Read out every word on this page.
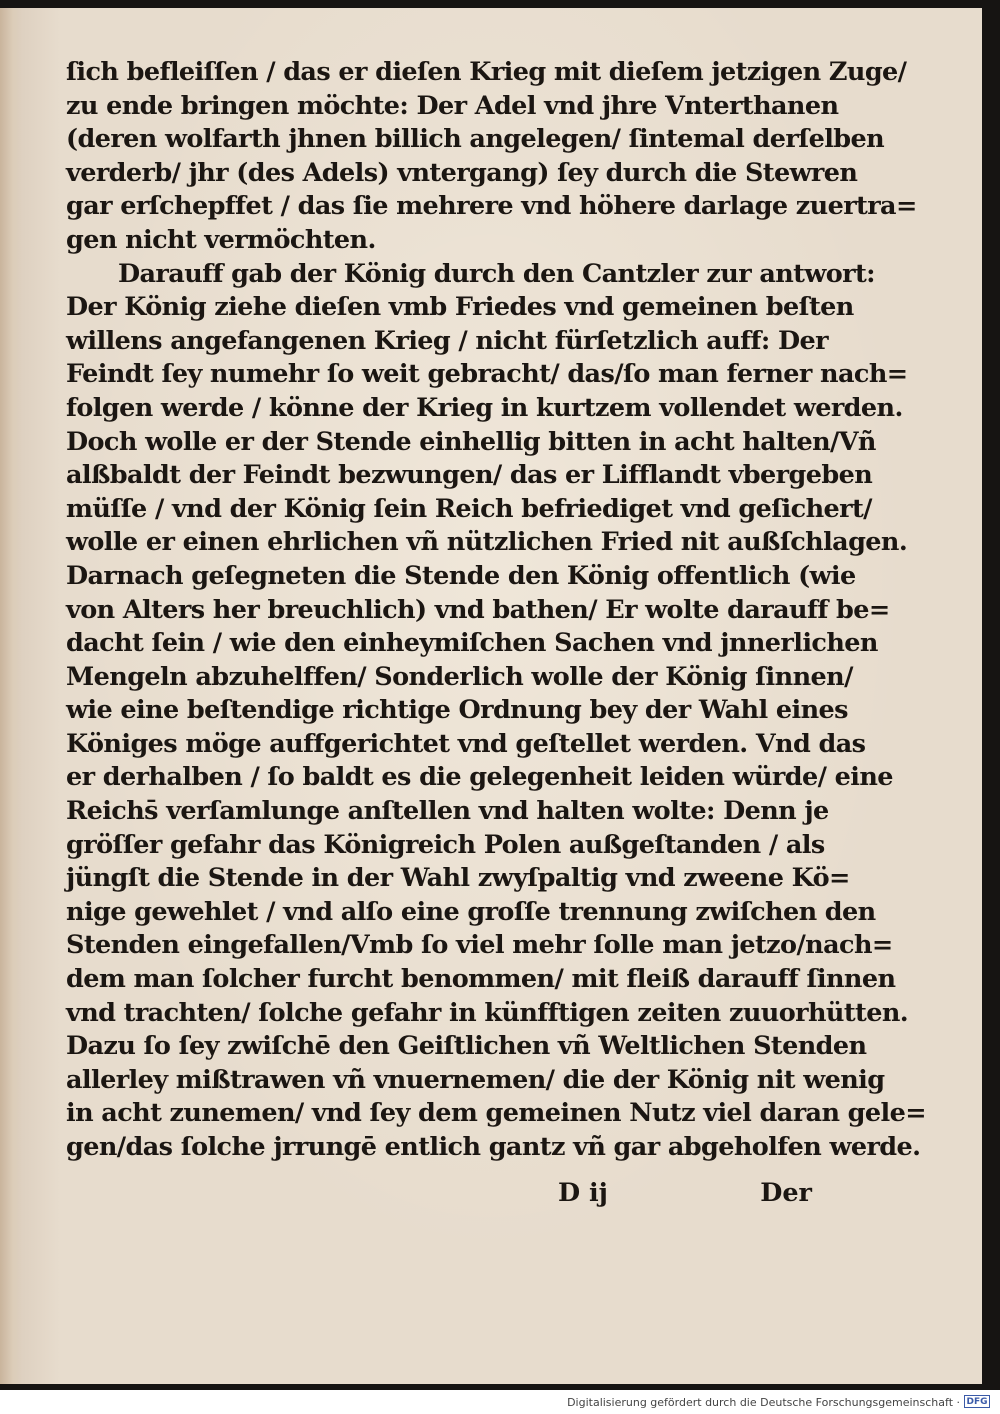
ſich befleiſſen / das er dieſen Krieg mit dieſem jetzigen Zuge/
zu ende bringen möchte: Der Adel vnd jhre Vnterthanen
(deren wolfarth jhnen billich angelegen/ ſintemal derſelben
verderb/ jhr (des Adels) vntergang) ſey durch die Stewren
gar erſchepffet / das ſie mehrere vnd höhere darlage zuertra=
gen nicht vermöchten.
Darauff gab der König durch den Cantzler zur antwort:
Der König ziehe dieſen vmb Friedes vnd gemeinen beſten
willens angefangenen Krieg / nicht fürſetzlich auff: Der
Feindt ſey numehr ſo weit gebracht/ das/ſo man ferner nach=
folgen werde / könne der Krieg in kurtzem vollendet werden.
Doch wolle er der Stende einhellig bitten in acht halten/Vñ
alßbaldt der Feindt bezwungen/ das er Lifflandt vbergeben
müſſe / vnd der König ſein Reich befriediget vnd geſichert/
wolle er einen ehrlichen vñ nützlichen Fried nit außſchlagen.
Darnach geſegneten die Stende den König offentlich (wie
von Alters her breuchlich) vnd bathen/ Er wolte darauff be=
dacht ſein / wie den einheymiſchen Sachen vnd jnnerlichen
Mengeln abzuhelffen/ Sonderlich wolle der König ſinnen/
wie eine beſtendige richtige Ordnung bey der Wahl eines
Königes möge auffgerichtet vnd geſtellet werden. Vnd das
er derhalben / ſo baldt es die gelegenheit leiden würde/ eine
Reichs̄ verſamlunge anſtellen vnd halten wolte: Denn je
gröſſer gefahr das Königreich Polen außgeſtanden / als
jüngſt die Stende in der Wahl zwyſpaltig vnd zweene Kö=
nige gewehlet / vnd alſo eine groſſe trennung zwiſchen den
Stenden eingefallen/Vmb ſo viel mehr ſolle man jetzo/nach=
dem man ſolcher furcht benommen/ mit fleiß darauff ſinnen
vnd trachten/ ſolche gefahr in künfftigen zeiten zuuorhütten.
Dazu ſo ſey zwiſchē den Geiſtlichen vñ Weltlichen Stenden
allerley mißtrawen vñ vnuernemen/ die der König nit wenig
in acht zunemen/ vnd ſey dem gemeinen Nutz viel daran gele=
gen/das ſolche jrrungē entlich gantz vñ gar abgeholfen werde.
D ij	Der
Digitalisierung gefördert durch die Deutsche Forschungsgemeinschaft · DFG
